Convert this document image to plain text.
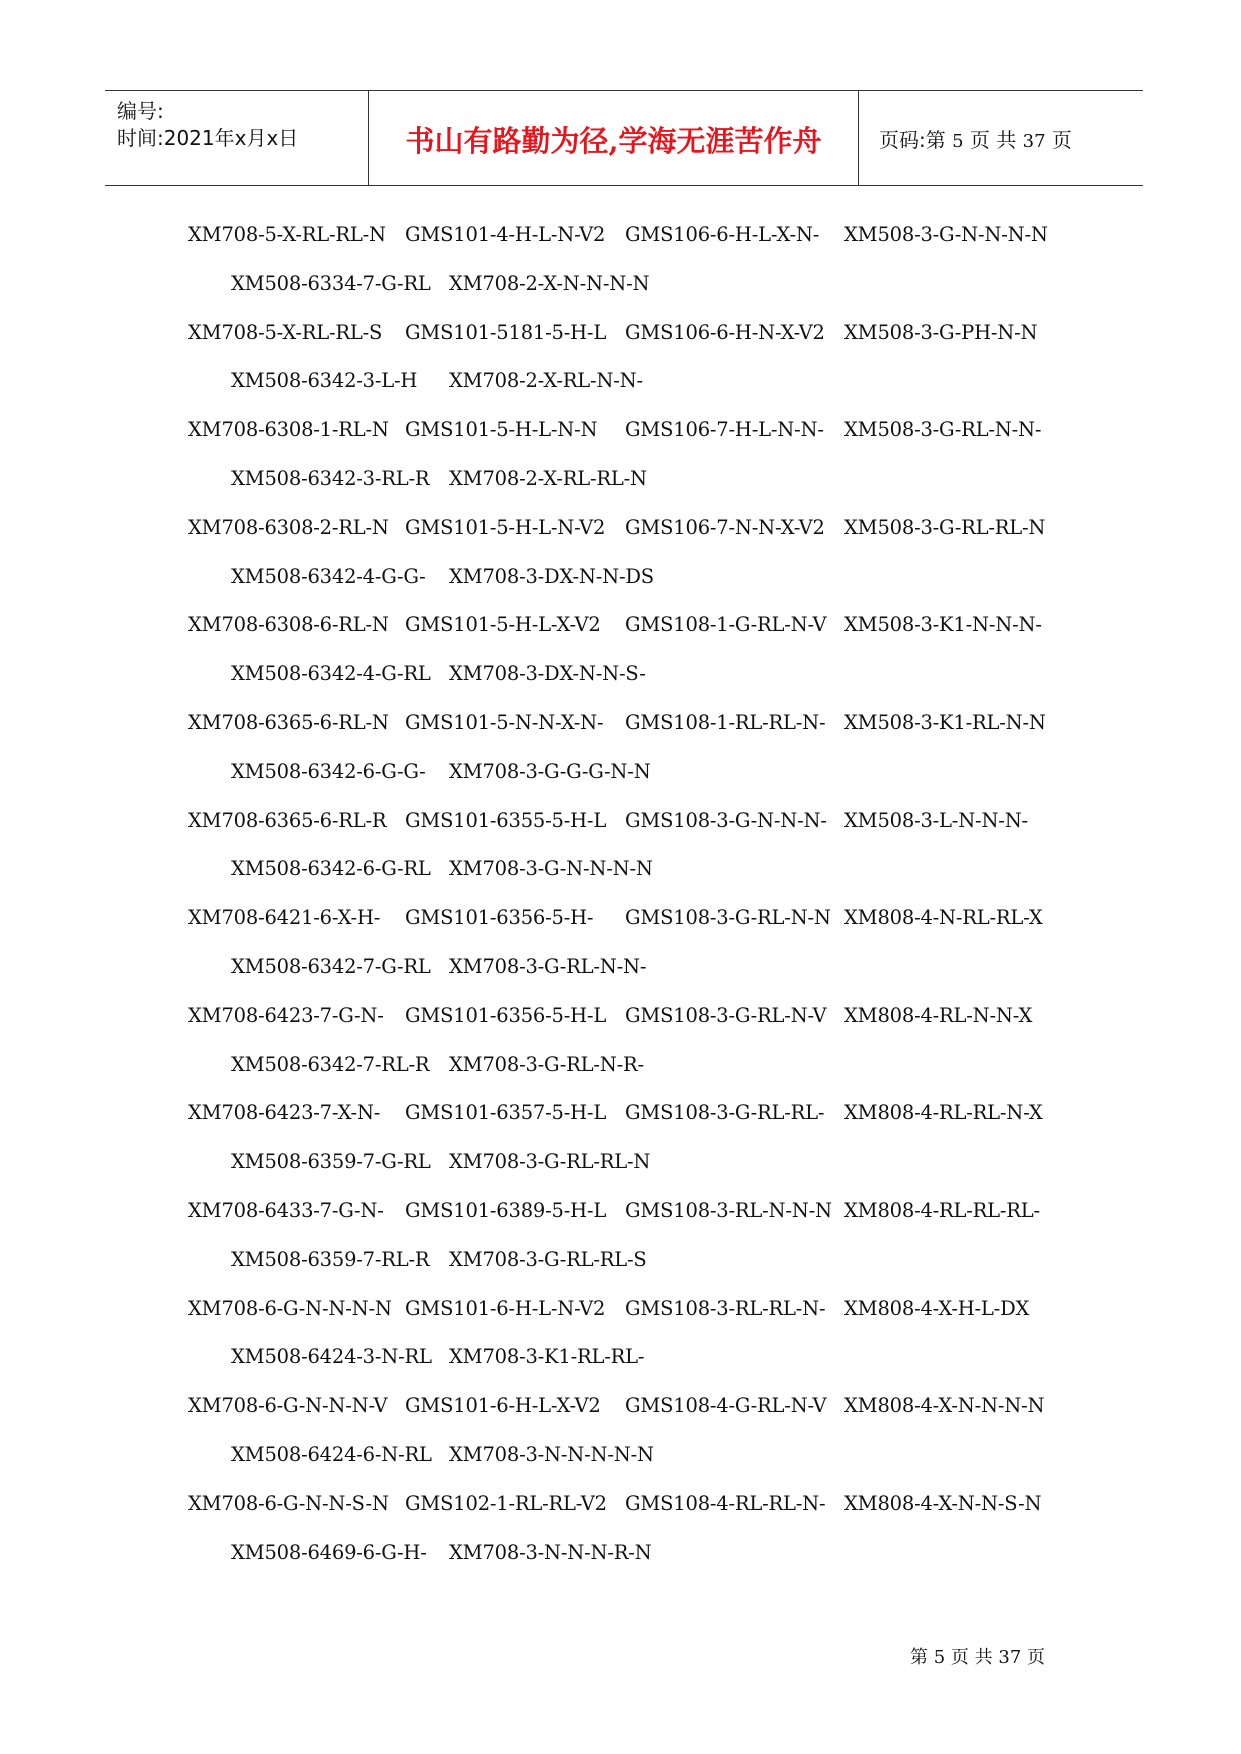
编号:
时间:2021年x月x日	书山有路勤为径,学海无涯苦作舟	页码:第 5 页 共 37 页
XM708-5-X-RL-RL-N GMS101-4-H-L-N-V2 GMS106-6-H-L-X-N- XM508-3-G-N-N-N-N
XM508-6334-7-G-RL XM708-2-X-N-N-N-N
XM708-5-X-RL-RL-S GMS101-5181-5-H-L GMS106-6-H-N-X-V2 XM508-3-G-PH-N-N
XM508-6342-3-L-H XM708-2-X-RL-N-N-
XM708-6308-1-RL-N GMS101-5-H-L-N-N GMS106-7-H-L-N-N- XM508-3-G-RL-N-N-
XM508-6342-3-RL-R XM708-2-X-RL-RL-N
XM708-6308-2-RL-N GMS101-5-H-L-N-V2 GMS106-7-N-N-X-V2 XM508-3-G-RL-RL-N
XM508-6342-4-G-G- XM708-3-DX-N-N-DS
XM708-6308-6-RL-N GMS101-5-H-L-X-V2 GMS108-1-G-RL-N-V XM508-3-K1-N-N-N-
XM508-6342-4-G-RL XM708-3-DX-N-N-S-
XM708-6365-6-RL-N GMS101-5-N-N-X-N- GMS108-1-RL-RL-N- XM508-3-K1-RL-N-N
XM508-6342-6-G-G- XM708-3-G-G-G-N-N
XM708-6365-6-RL-R GMS101-6355-5-H-L GMS108-3-G-N-N-N- XM508-3-L-N-N-N-
XM508-6342-6-G-RL XM708-3-G-N-N-N-N
XM708-6421-6-X-H- GMS101-6356-5-H- GMS108-3-G-RL-N-N XM808-4-N-RL-RL-X
XM508-6342-7-G-RL XM708-3-G-RL-N-N-
XM708-6423-7-G-N- GMS101-6356-5-H-L GMS108-3-G-RL-N-V XM808-4-RL-N-N-X
XM508-6342-7-RL-R XM708-3-G-RL-N-R-
XM708-6423-7-X-N- GMS101-6357-5-H-L GMS108-3-G-RL-RL- XM808-4-RL-RL-N-X
XM508-6359-7-G-RL XM708-3-G-RL-RL-N
XM708-6433-7-G-N- GMS101-6389-5-H-L GMS108-3-RL-N-N-N XM808-4-RL-RL-RL-
XM508-6359-7-RL-R XM708-3-G-RL-RL-S
XM708-6-G-N-N-N-N GMS101-6-H-L-N-V2 GMS108-3-RL-RL-N- XM808-4-X-H-L-DX
XM508-6424-3-N-RL XM708-3-K1-RL-RL-
XM708-6-G-N-N-N-V GMS101-6-H-L-X-V2 GMS108-4-G-RL-N-V XM808-4-X-N-N-N-N
XM508-6424-6-N-RL XM708-3-N-N-N-N-N
XM708-6-G-N-N-S-N GMS102-1-RL-RL-V2 GMS108-4-RL-RL-N- XM808-4-X-N-N-S-N
XM508-6469-6-G-H- XM708-3-N-N-N-R-N
第 5 页 共 37 页
